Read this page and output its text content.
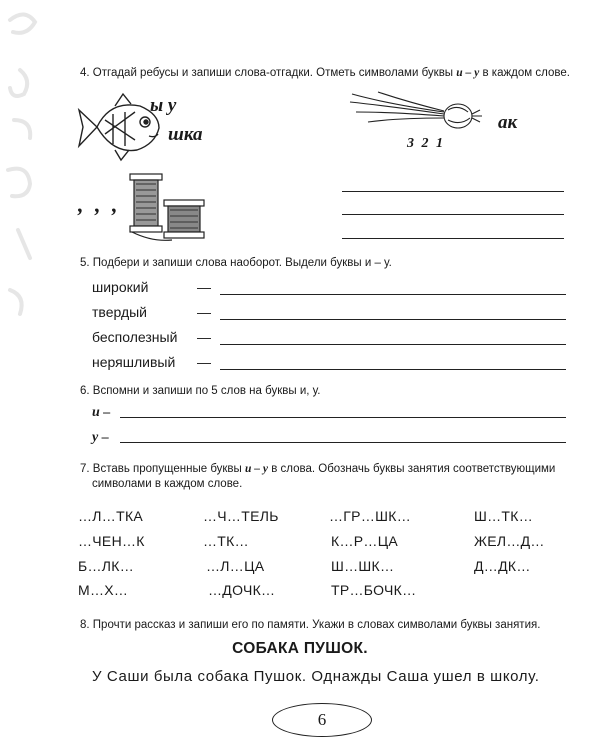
4. Отгадай ребусы и запиши слова-отгадки. Отметь символами буквы и – у в каждом слове.
ы у
шка	3 2 1
ак
, , ,
5. Подбери и запиши слова наоборот. Выдели буквы и – у.
широкий	—
твердый	—
бесполезный —
неряшливый —
6. Вспомни и запиши по 5 слов на буквы и, у.
и –
у –
7. Вставь пропущенные буквы и – у в слова. Обозначь буквы занятия соответствующими
символами в каждом слове.
…Л…ТКА	…Ч…ТЕЛЬ	…ГР…ШК…	Ш…ТК…
…ЧЕН…К	…ТК…	К…Р…ЦА	ЖЕЛ…Д…
Б…ЛК…	…Л…ЦА	Ш…ШК…	Д…ДК…
М…Х…	…ДОЧК…	ТР…БОЧК…
8. Прочти рассказ и запиши его по памяти. Укажи в словах символами буквы занятия.
СОБАКА ПУШОК.
У Саши была собака Пушок. Однажды Саша ушел в школу.
6
